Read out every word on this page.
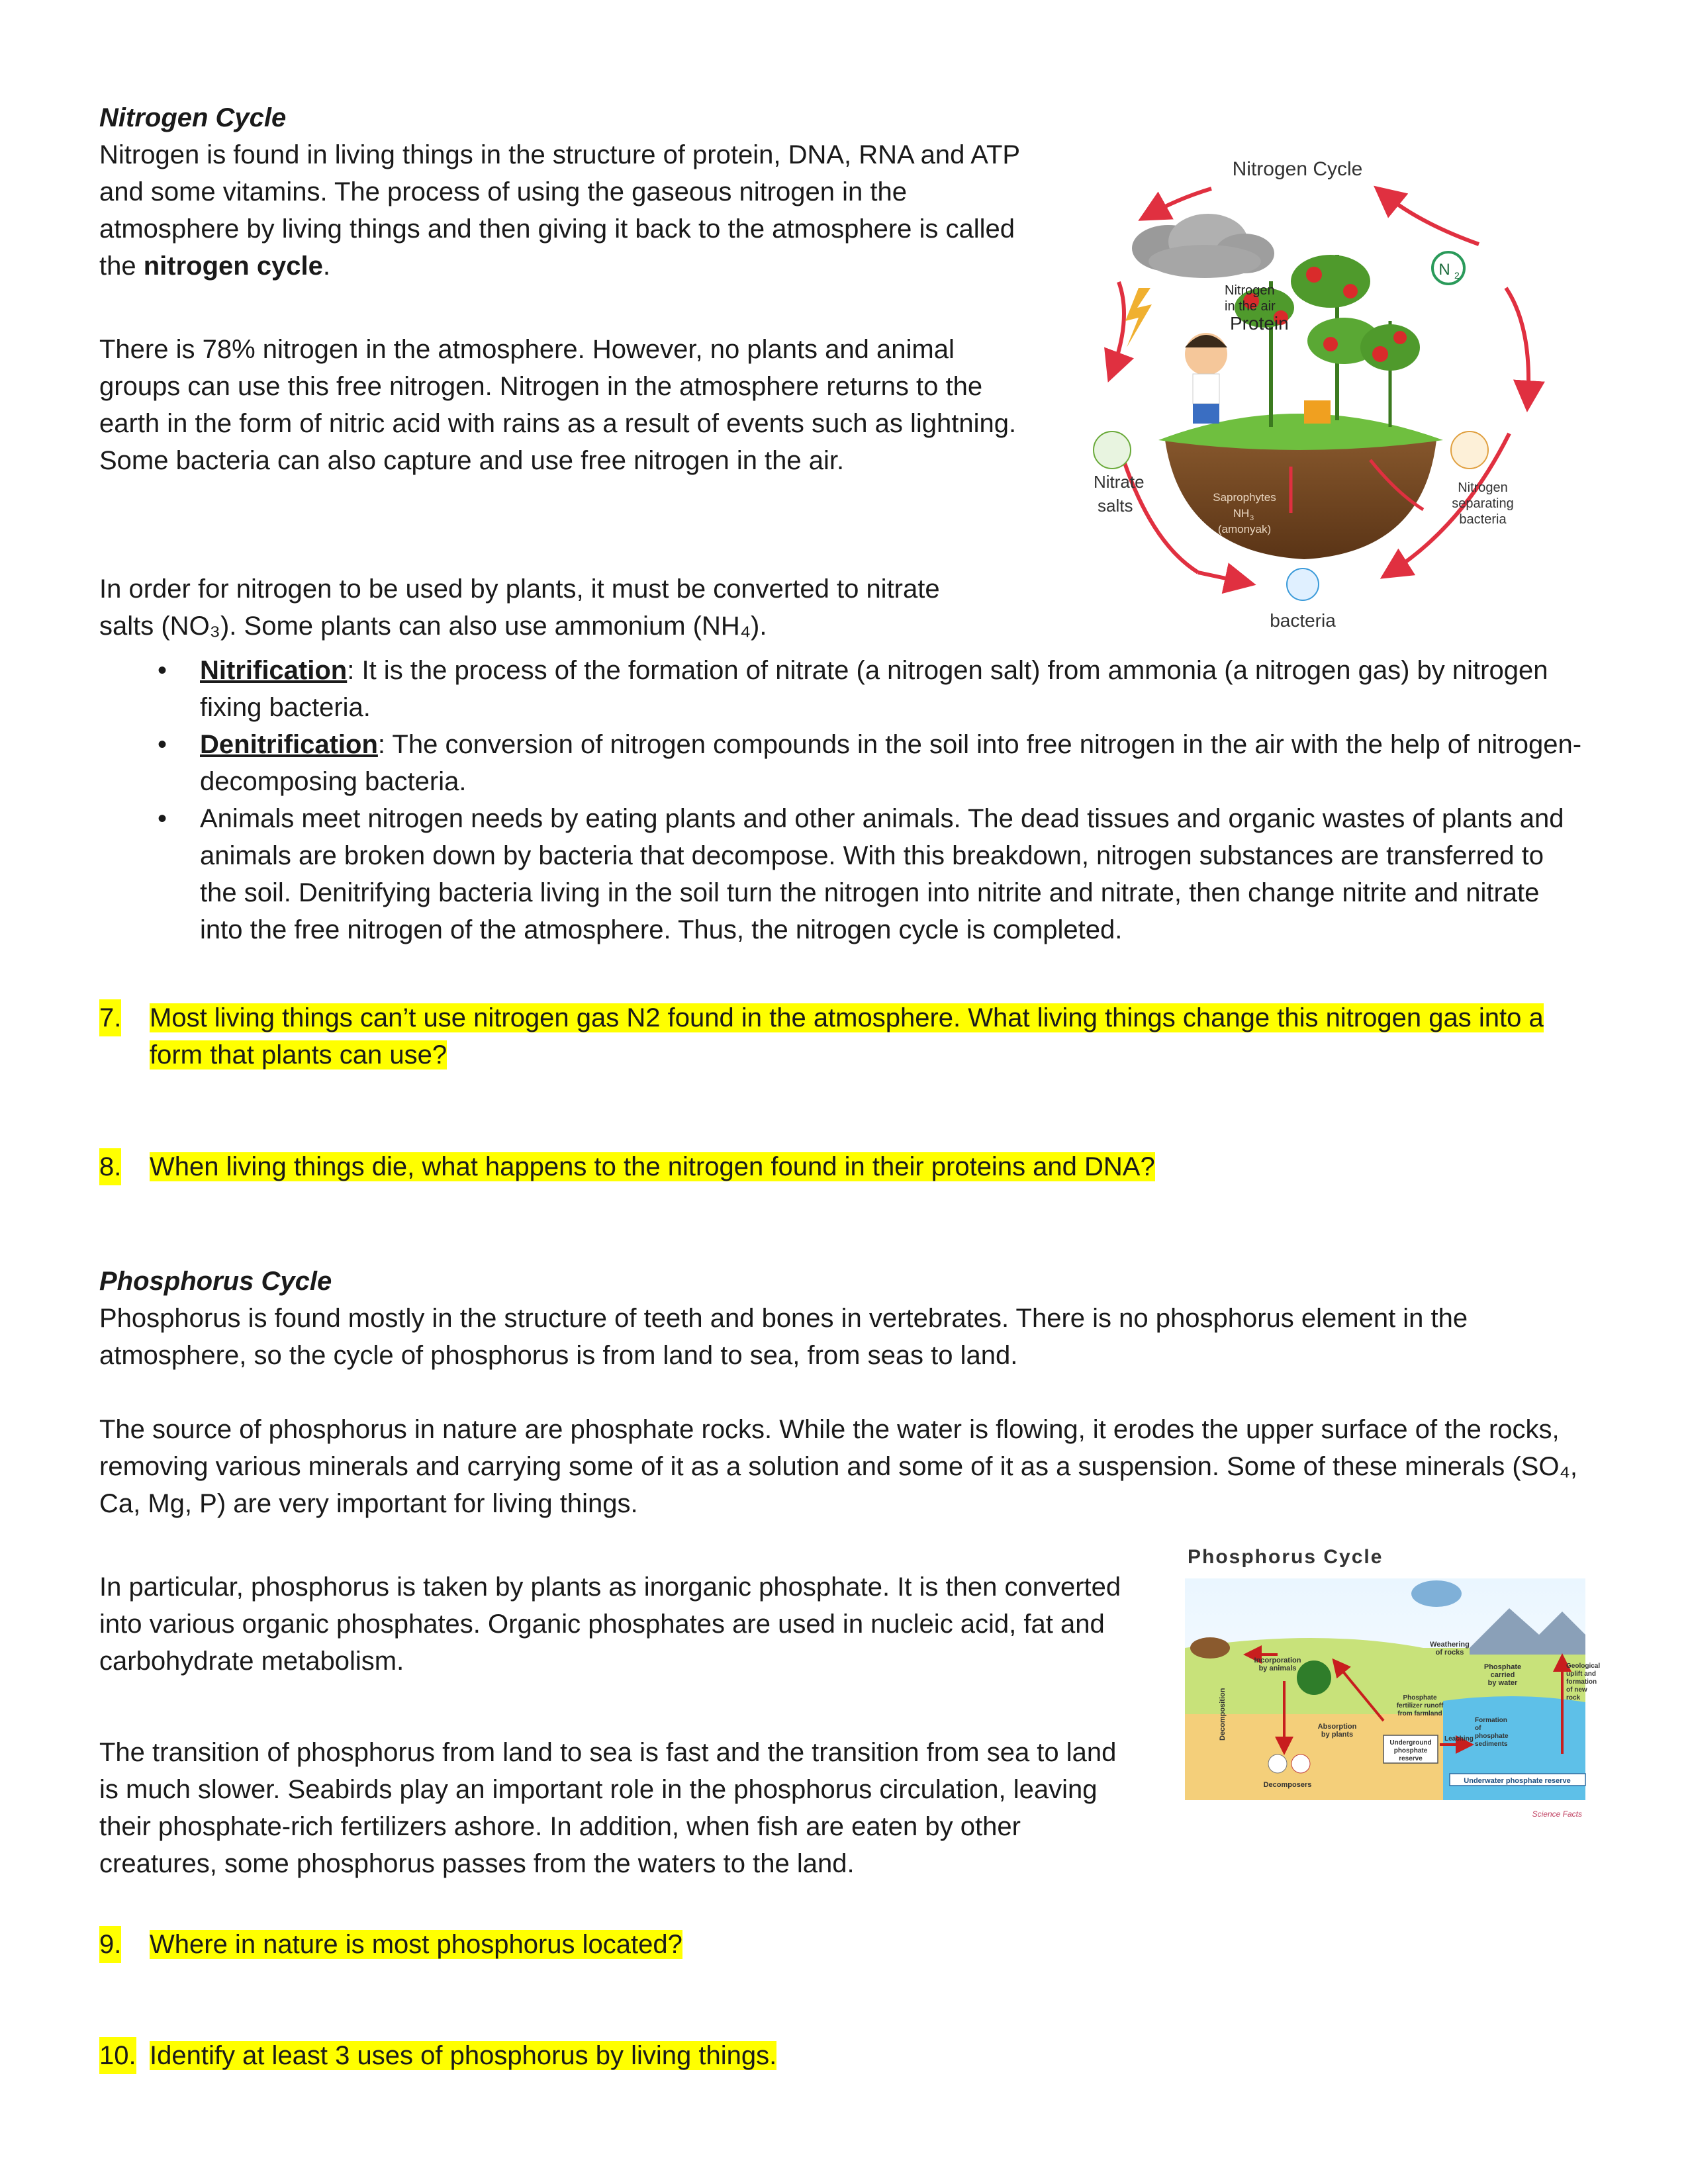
Nitrogen Cycle

Nitrogen is found in living things in the structure of protein, DNA, RNA and ATP and some vitamins. The process of using the gaseous nitrogen in the atmosphere by living things and then giving it back to the atmosphere is called the nitrogen cycle.

There is 78% nitrogen in the atmosphere. However, no plants and animal groups can use this free nitrogen. Nitrogen in the atmosphere returns to the earth in the form of nitric acid with rains as a result of events such as lightning. Some bacteria can also capture and use free nitrogen in the air.

In order for nitrogen to be used by plants, it must be converted to nitrate salts (NO₃). Some plants can also use ammonium (NH₄).

• Nitrification: It is the process of the formation of nitrate (a nitrogen salt) from ammonia (a nitrogen gas) by nitrogen fixing bacteria.
• Denitrification: The conversion of nitrogen compounds in the soil into free nitrogen in the air with the help of nitrogen-decomposing bacteria.
• Animals meet nitrogen needs by eating plants and other animals. The dead tissues and organic wastes of plants and animals are broken down by bacteria that decompose. With this breakdown, nitrogen substances are transferred to the soil. Denitrifying bacteria living in the soil turn the nitrogen into nitrite and nitrate, then change nitrite and nitrate into the free nitrogen of the atmosphere. Thus, the nitrogen cycle is completed.
Nitrogen Cycle
N 2
Nitrogen
in the air
Protein
Nitrate
salts
Nitrogen
separating
bacteria
Saprophytes
NH 3
(amonyak)
bacteria
7.	Most living things can’t use nitrogen gas N2 found in the atmosphere. What living things change this nitrogen gas into a form that plants can use?
8.	When living things die, what happens to the nitrogen found in their proteins and DNA?

Phosphorus Cycle

Phosphorus is found mostly in the structure of teeth and bones in vertebrates. There is no phosphorus element in the atmosphere, so the cycle of phosphorus is from land to sea, from seas to land.

The source of phosphorus in nature are phosphate rocks. While the water is flowing, it erodes the upper surface of the rocks, removing various minerals and carrying some of it as a solution and some of it as a suspension. Some of these minerals (SO₄, Ca, Mg, P) are very important for living things.

In particular, phosphorus is taken by plants as inorganic phosphate. It is then converted into various organic phosphates. Organic phosphates are used in nucleic acid, fat and carbohydrate metabolism.

The transition of phosphorus from land to sea is fast and the transition from sea to land is much slower. Seabirds play an important role in the phosphorus circulation, leaving their phosphate-rich fertilizers ashore. In addition, when fish are eaten by other creatures, some phosphorus passes from the waters to the land.

Phosphorus Cycle
Weathering
of rocks
Incorporation
by animals	Phosphate
carried
by water
Geological
uplift and
formation
of new
rock
Phosphate
fertilizer runoff
from farmland
Decomposition	Absorption
by plants
Underground
phosphate
reserve
Leaching
Formation
of
phosphate
sediments
Decomposers	Underwater phosphate reserve
Science Facts
9.	Where in nature is most phosphorus located?
10. Identify at least 3 uses of phosphorus by living things.
